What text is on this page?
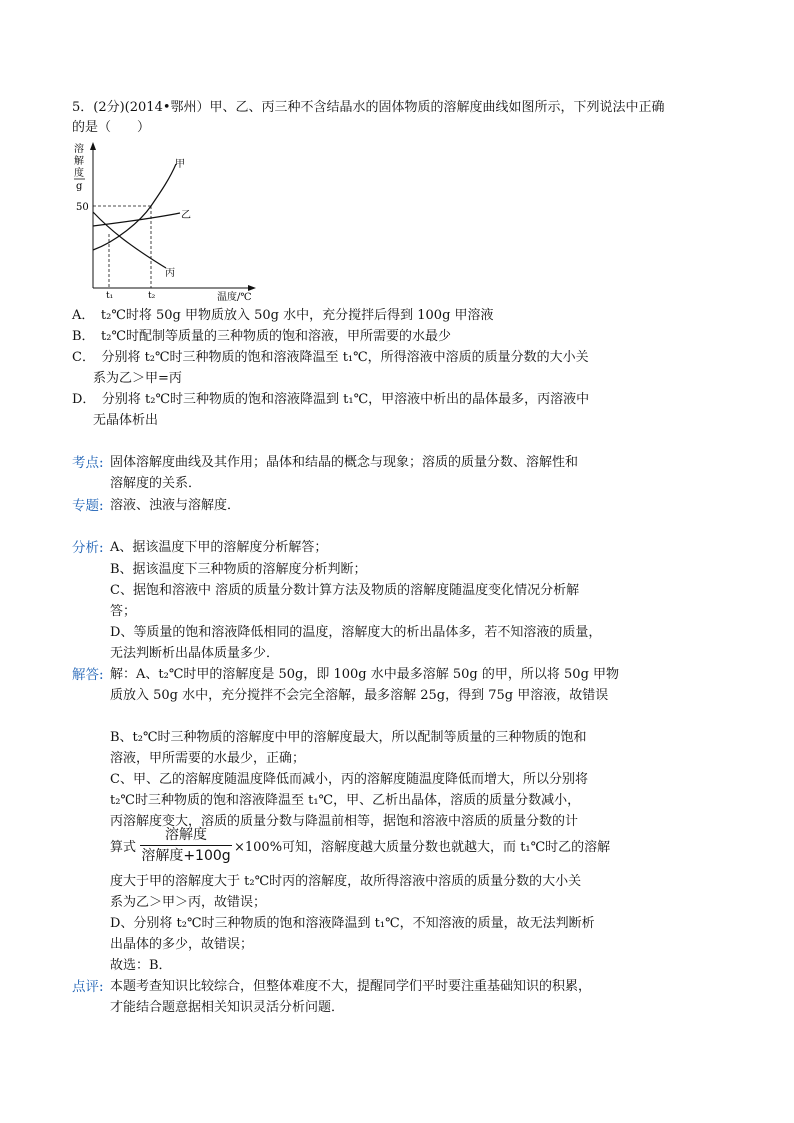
5．(2分)(2014•鄂州）甲、乙、丙三种不含结晶水的固体物质的溶解度曲线如图所示，下列说法中正确
的是（　　）
溶
解
度
g
50
甲
乙
丙
t₁	t₂	温度/℃
A．　t₂℃时将 50g 甲物质放入 50g 水中，充分搅拌后得到 100g 甲溶液
B．　t₂℃时配制等质量的三种物质的饱和溶液，甲所需要的水最少
C．　分别将 t₂℃时三种物质的饱和溶液降温至 t₁℃，所得溶液中溶质的质量分数的大小关
系为乙＞甲=丙
D．　分别将 t₂℃时三种物质的饱和溶液降温到 t₁℃，甲溶液中析出的晶体最多，丙溶液中
无晶体析出
考点: 固体溶解度曲线及其作用；晶体和结晶的概念与现象；溶质的质量分数、溶解性和
溶解度的关系．
专题: 溶液、浊液与溶解度．
分析: A、据该温度下甲的溶解度分析解答；
B、据该温度下三种物质的溶解度分析判断；
C、据饱和溶液中 溶质的质量分数计算方法及物质的溶解度随温度变化情况分析解
答；
D、等质量的饱和溶液降低相同的温度，溶解度大的析出晶体多，若不知溶液的质量，
无法判断析出晶体质量多少．
解答: 解：A、t₂℃时甲的溶解度是 50g，即 100g 水中最多溶解 50g 的甲，所以将 50g 甲物
质放入 50g 水中，充分搅拌不会完全溶解，最多溶解 25g，得到 75g 甲溶液，故错误
B、t₂℃时三种物质的溶解度中甲的溶解度最大，所以配制等质量的三种物质的饱和
溶液，甲所需要的水最少，正确；
C、甲、乙的溶解度随温度降低而减小，丙的溶解度随温度降低而增大，所以分别将
t₂℃时三种物质的饱和溶液降温至 t₁℃，甲、乙析出晶体，溶质的质量分数减小，
丙溶解度变大，溶质的质量分数与降温前相等，据饱和溶液中溶质的质量分数的计
算式
溶解度
溶解度+100g
×100%可知，溶解度越大质量分数也就越大，而 t₁℃时乙的溶解
度大于甲的溶解度大于 t₂℃时丙的溶解度，故所得溶液中溶质的质量分数的大小关
系为乙＞甲＞丙，故错误；
D、分别将 t₂℃时三种物质的饱和溶液降温到 t₁℃，不知溶液的质量，故无法判断析
出晶体的多少，故错误；
故选：B．
点评: 本题考查知识比较综合，但整体难度不大，提醒同学们平时要注重基础知识的积累，
才能结合题意据相关知识灵活分析问题．
